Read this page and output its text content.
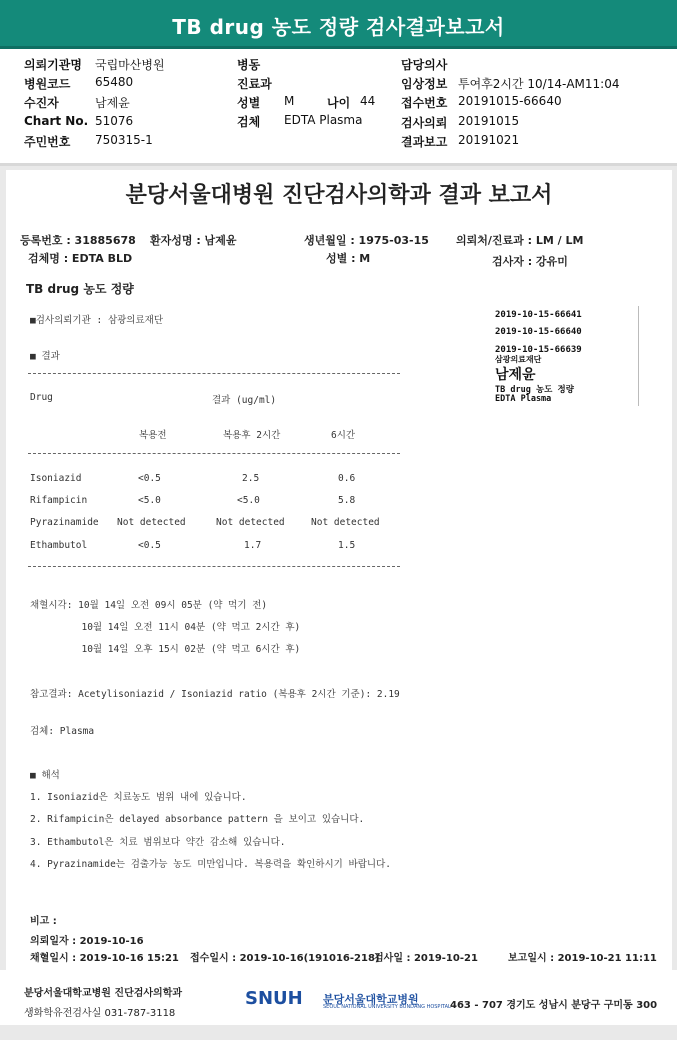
TB drug 농도 정량 검사결과보고서
의뢰기관명 국립마산병원
병원코드 65480
수진자	남제윤
Chart No. 51076
주민번호 750315-1
병동
진료과
성별 M	나이 44
검체 EDTA Plasma
담당의사
임상정보 투여후2시간 10/14-AM11:04
접수번호 20191015-66640
검사의뢰 20191015
결과보고 20191021
분당서울대병원 진단검사의학과 결과 보고서
등록번호 : 31885678 환자성명 : 남제윤	생년월일 : 1975-03-15 의뢰처/진료과 : LM / LM
검체명 : EDTA BLD	성별 : M	검사자 : 강유미
TB drug 농도 정량
■검사의뢰기관 : 삼광의료재단
■ 결과
Drug	결과 (ug/ml)
복용전	복용후 2시간	6시간
Isoniazid	<0.5	2.5	0.6
Rifampicin	<5.0	<5.0	5.8
Pyrazinamide Not detected	Not detected	Not detected
Ethambutol	<0.5	1.7	1.5
채혈시각: 10월 14일 오전 09시 05분 (약 먹기 전)
10월 14일 오전 11시 04분 (약 먹고 2시간 후)
10월 14일 오후 15시 02분 (약 먹고 6시간 후)
참고결과: Acetylisoniazid / Isoniazid ratio (복용후 2시간 기준): 2.19
검체: Plasma
■ 해석
1. Isoniazid은 치료농도 범위 내에 있습니다.
2. Rifampicin은 delayed absorbance pattern 을 보이고 있습니다.
3. Ethambutol은 치료 범위보다 약간 감소해 있습니다.
4. Pyrazinamide는 검출가능 농도 미만입니다. 복용력을 확인하시기 바랍니다.
비고 :
의뢰일자 : 2019-10-16
채혈일시 : 2019-10-16 15:21 접수일시 : 2019-10-16(191016-218)
검사일 : 2019-10-21	보고일시 : 2019-10-21 11:11
2019-10-15-66641
2019-10-15-66640
2019-10-15-66639
삼광의료재단
남제윤
TB drug 농도 정량
EDTA Plasma
분당서울대학교병원 진단검사의학과
생화학유전검사실 031-787-3118
SNUH 분당서울대학교병원
SEOUL NATIONAL UNIVERSITY BUNDANG HOSPITAL 463 - 707 경기도 성남시 분당구 구미동 300
